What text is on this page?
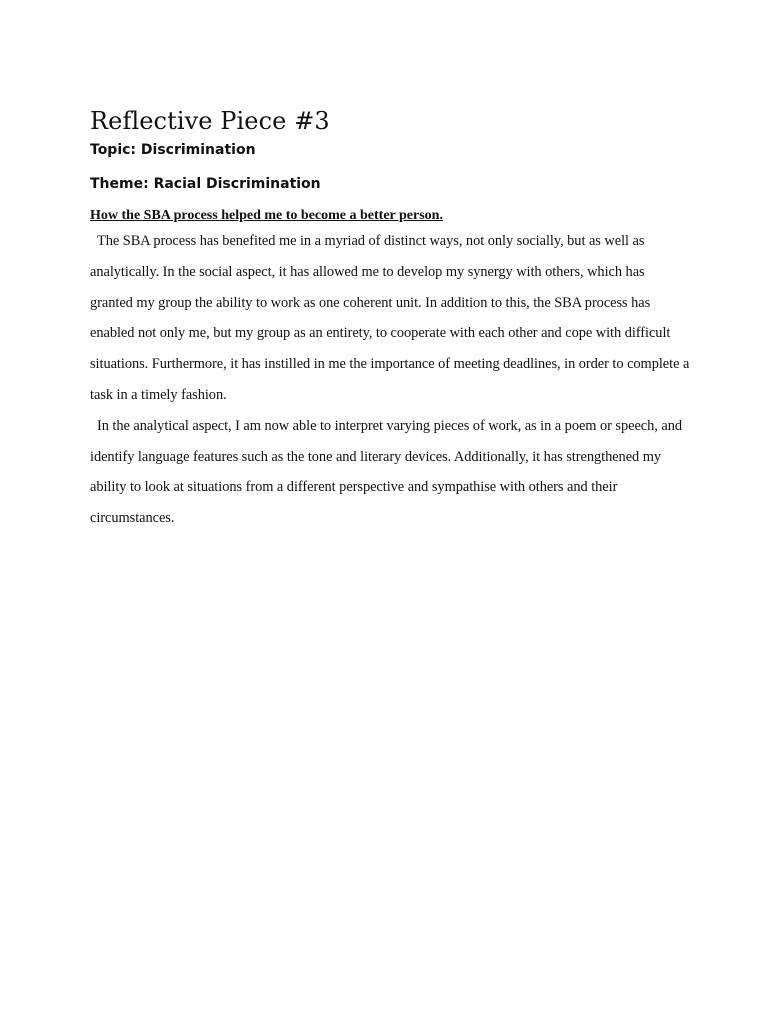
Reflective Piece #3
Topic: Discrimination
Theme: Racial Discrimination
How the SBA process helped me to become a better person.

The SBA process has benefited me in a myriad of distinct ways, not only socially, but as well as analytically. In the social aspect, it has allowed me to develop my synergy with others, which has granted my group the ability to work as one coherent unit. In addition to this, the SBA process has enabled not only me, but my group as an entirety, to cooperate with each other and cope with difficult situations. Furthermore, it has instilled in me the importance of meeting deadlines, in order to complete a task in a timely fashion.

In the analytical aspect, I am now able to interpret varying pieces of work, as in a poem or speech, and identify language features such as the tone and literary devices. Additionally, it has strengthened my ability to look at situations from a different perspective and sympathise with others and their circumstances.
